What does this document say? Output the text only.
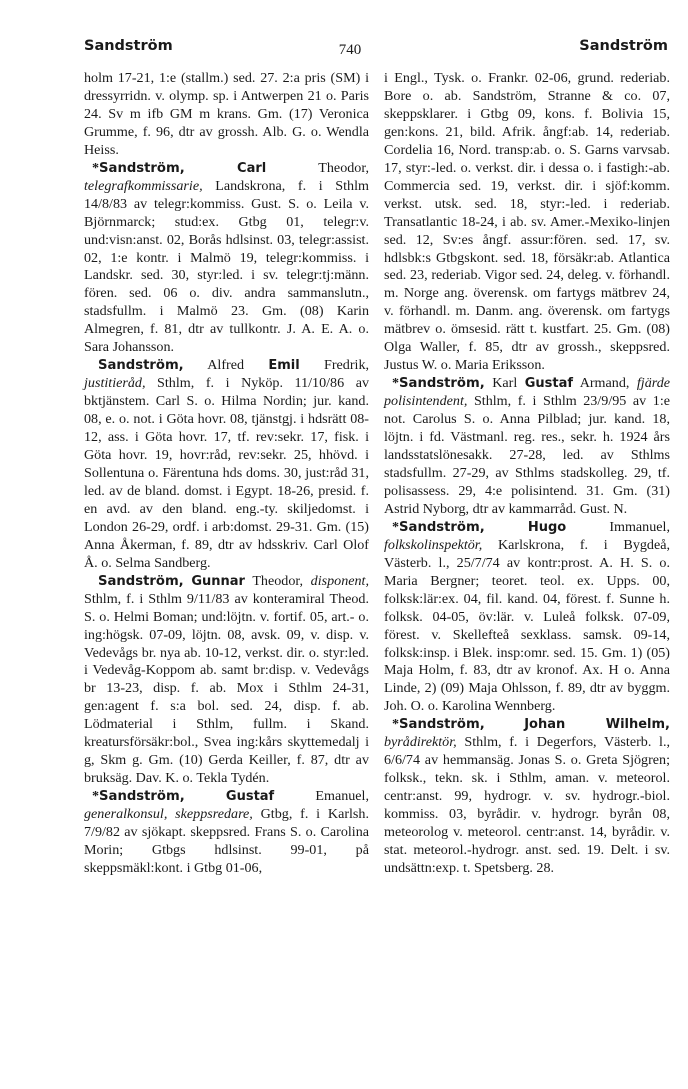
Sandström	740	Sandström

holm 17-21, 1:e (stallm.) sed. 27. 2:a pris (SM) i dressyrridn. v. olymp. sp. i Antwerpen 21 o. Paris 24. Sv m ifb GM m krans. Gm. (17) Veronica Grumme, f. 96, dtr av grossh. Alb. G. o. Wendla Heiss.

*Sandström,	Carl	Theodor, telegrafkommissarie, Landskrona, f. i Sthlm 14/8/83 av telegr:kommiss. Gust. S. o. Leila v. Björnmarck; stud:ex. Gtbg 01, telegr:v. und:visn:anst. 02, Borås hdlsinst. 03, telegr:assist. 02, 1:e kontr. i Malmö 19, telegr:kommiss. i Landskr. sed. 30, styr:led. i sv. telegr:tj:männ. fören. sed. 06 o. div. andra sammanslutn., stadsfullm. i Malmö 23. Gm. (08) Karin Almegren, f. 81, dtr av tullkontr. J. A. E. A. o. Sara Johansson.

Sandström, Alfred Emil Fredrik, justitieråd, Sthlm, f. i Nyköp. 11/10/86 av bktjänstem. Carl S. o. Hilma Nordin; jur. kand. 08, e. o. not. i Göta hovr. 08, tjänstgj. i hdsrätt 08-12, ass. i Göta hovr. 17, tf. rev:sekr. 17, fisk. i Göta hovr. 19, hovr:råd, rev:sekr. 25, hhövd. i Sollentuna o. Färentuna hds doms. 30, just:råd 31, led. av de bland. domst. i Egypt. 18-26, presid. f. en avd. av den bland. eng.-ty. skiljedomst. i London 26-29, ordf. i arb:domst. 29-31. Gm. (15) Anna Åkerman, f. 89, dtr av hdsskriv. Carl Olof Å. o. Selma Sandberg.

Sandström, Gunnar Theodor, disponent, Sthlm, f. i Sthlm 9/11/83 av konteramiral Theod. S. o. Helmi Boman; und:löjtn. v. fortif. 05, art.- o. ing:högsk. 07-09, löjtn. 08, avsk. 09, v. disp. v. Vedevågs br. nya ab. 10-12, verkst. dir. o. styr:led. i Vedevåg-Koppom ab. samt br:disp. v. Vedevågs br 13-23, disp. f. ab. Mox i Sthlm 24-31, gen:agent f. s:a bol. sed. 24, disp. f. ab. Lödmaterial i Sthlm, fullm. i Skand. kreatursförsäkr:bol., Svea ing:kårs skyttemedalj i g, Skm g. Gm. (10) Gerda Keiller, f. 87, dtr av bruksäg. Dav. K. o. Tekla Tydén.

*Sandström,	Gustaf	Emanuel, generalkonsul, skeppsredare, Gtbg, f. i Karlsh. 7/9/82 av sjökapt. skeppsred. Frans S. o. Carolina Morin; Gtbgs hdlsinst. 99-01, på skeppsmäkl:kont. i Gtbg 01-06,

i Engl., Tysk. o. Frankr. 02-06, grund. rederiab. Bore o. ab. Sandström, Stranne & co. 07, skeppsklarer. i Gtbg 09, kons. f. Bolivia 15, gen:kons. 21, bild. Afrik. ångf:ab. 14, rederiab. Cordelia 16, Nord. transp:ab. o. S. Garns varvsab. 17, styr:-led. o. verkst. dir. i dessa o. i fastigh:-ab. Commercia sed. 19, verkst. dir. i sjöf:komm. verkst. utsk. sed. 18, styr:-led. i rederiab. Transatlantic 18-24, i ab. sv. Amer.-Mexiko-linjen sed. 12, Sv:es ångf. assur:fören. sed. 17, sv. hdlsbk:s Gtbgskont. sed. 18, försäkr:ab. Atlantica sed. 23, rederiab. Vigor sed. 24, deleg. v. förhandl. m. Norge ang. överensk. om fartygs mätbrev 24, v. förhandl. m. Danm. ang. överensk. om fartygs mätbrev o. ömsesid. rätt t. kustfart. 25. Gm. (08) Olga Waller, f. 85, dtr av grossh., skeppsred. Justus W. o. Maria Eriksson.

*Sandström, Karl Gustaf Armand, fjärde polisintendent, Sthlm, f. i Sthlm 23/9/95 av 1:e not. Carolus S. o. Anna Pilblad; jur. kand. 18, löjtn. i fd. Västmanl. reg. res., sekr. h. 1924 års landsstatslönesakk. 27-28, led. av Sthlms stadsfullm. 27-29, av Sthlms stadskolleg. 29, tf. polisassess. 29, 4:e polisintend. 31. Gm. (31) Astrid Nyborg, dtr av kammarråd. Gust. N.

*Sandström,	Hugo	Immanuel, folkskolinspektör, Karlskrona, f. i Bygdeå, Västerb. l., 25/7/74 av kontr:prost. A. H. S. o. Maria Bergner; teoret. teol. ex. Upps. 00, folksk:lär:ex. 04, fil. kand. 04, förest. f. Sunne h. folksk. 04-05, öv:lär. v. Luleå folksk. 07-09, förest. v. Skellefteå sexklass. samsk. 09-14, folksk:insp. i Blek. insp:omr. sed. 15. Gm. 1) (05) Maja Holm, f. 83, dtr av kronof. Ax. H o. Anna Linde, 2) (09) Maja Ohlsson, f. 89, dtr av byggm. Joh. O. o. Karolina Wennberg.

*Sandström,	Johan Wilhelm, byrådirektör, Sthlm, f. i Degerfors, Västerb. l., 6/6/74 av hemmansäg. Jonas S. o. Greta Sjögren; folksk., tekn. sk. i Sthlm, aman. v. meteorol. centr:anst. 99, hydrogr. v. sv. hydrogr.-biol. kommiss. 03, byrådir. v. hydrogr. byrån 08, meteorolog v. meteorol. centr:anst. 14, byrådir. v. stat. meteorol.-hydrogr. anst. sed. 19. Delt. i sv. undsättn:exp. t. Spetsberg. 28.
